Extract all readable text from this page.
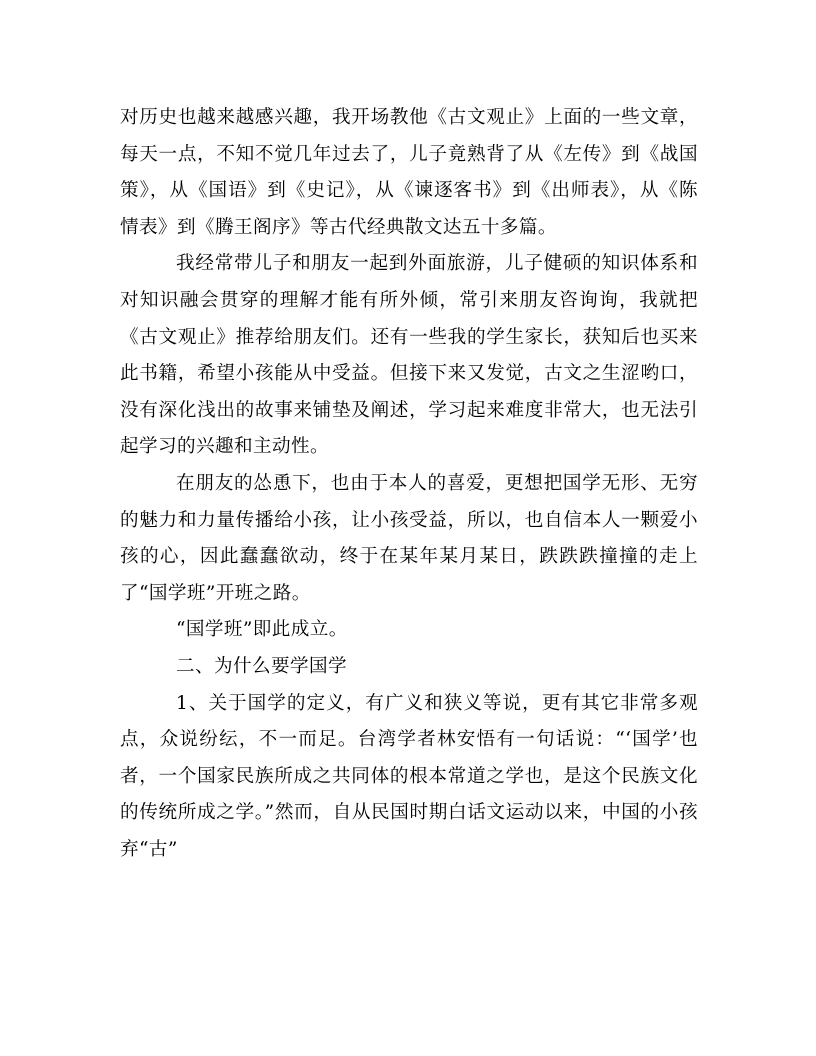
对历史也越来越感兴趣，我开场教他《古文观止》上面的一些文章，每天一点，不知不觉几年过去了，儿子竟熟背了从《左传》到《战国策》，从《国语》到《史记》，从《谏逐客书》到《出师表》，从《陈情表》到《腾王阁序》等古代经典散文达五十多篇。

我经常带儿子和朋友一起到外面旅游，儿子健硕的知识体系和对知识融会贯穿的理解才能有所外倾，常引来朋友咨询询，我就把《古文观止》推荐给朋友们。还有一些我的学生家长，获知后也买来此书籍，希望小孩能从中受益。但接下来又发觉，古文之生涩哟口，没有深化浅出的故事来铺垫及阐述，学习起来难度非常大，也无法引起学习的兴趣和主动性。

在朋友的怂恿下，也由于本人的喜爱，更想把国学无形、无穷的魅力和力量传播给小孩，让小孩受益，所以，也自信本人一颗爱小孩的心，因此蠢蠢欲动，终于在某年某月某日，跌跌跌撞撞的走上了“国学班”开班之路。

“国学班”即此成立。

二、为什么要学国学

1、关于国学的定义，有广义和狭义等说，更有其它非常多观点，众说纷纭，不一而足。台湾学者林安悟有一句话说：“‘国学’也者，一个国家民族所成之共同体的根本常道之学也，是这个民族文化的传统所成之学。”然而，自从民国时期白话文运动以来，中国的小孩弃“古”
